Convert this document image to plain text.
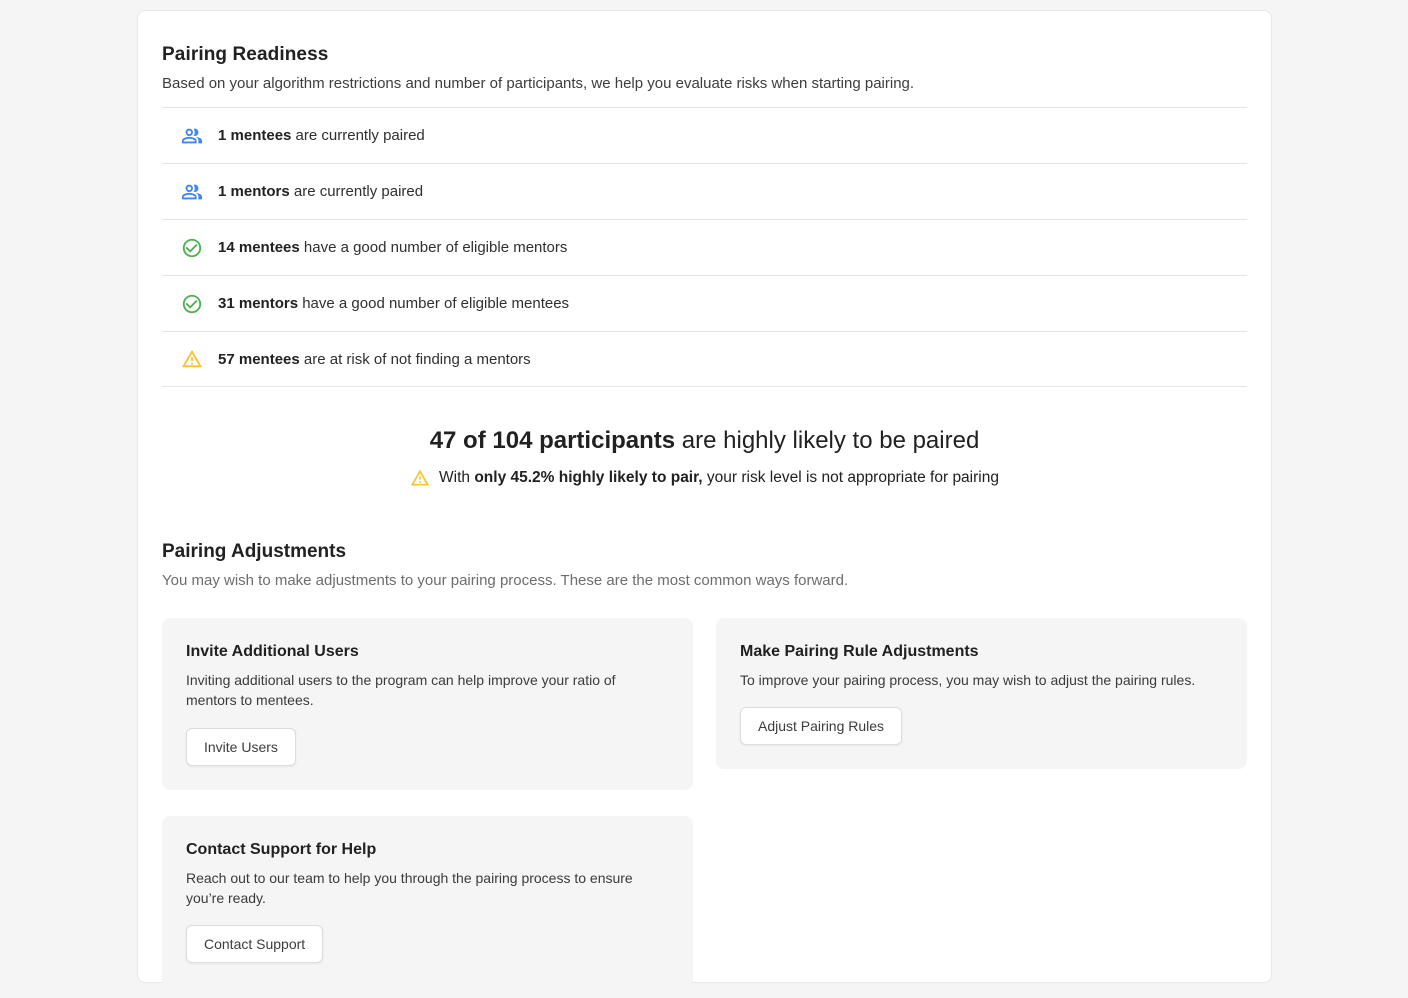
Pairing Readiness
Based on your algorithm restrictions and number of participants, we help you evaluate risks when starting pairing.

1 mentees are currently paired

1 mentors are currently paired

14 mentees have a good number of eligible mentors

31 mentors have a good number of eligible mentees

57 mentees are at risk of not finding a mentors

47 of 104 participants are highly likely to be paired
With only 45.2% highly likely to pair, your risk level is not appropriate for pairing
Pairing Adjustments
You may wish to make adjustments to your pairing process. These are the most common ways forward.
Invite Additional Users
Inviting additional users to the program can help improve your ratio of mentors to mentees.
Invite Users
Make Pairing Rule Adjustments
To improve your pairing process, you may wish to adjust the pairing rules.
Adjust Pairing Rules
Contact Support for Help
Reach out to our team to help you through the pairing process to ensure you’re ready.
Contact Support
